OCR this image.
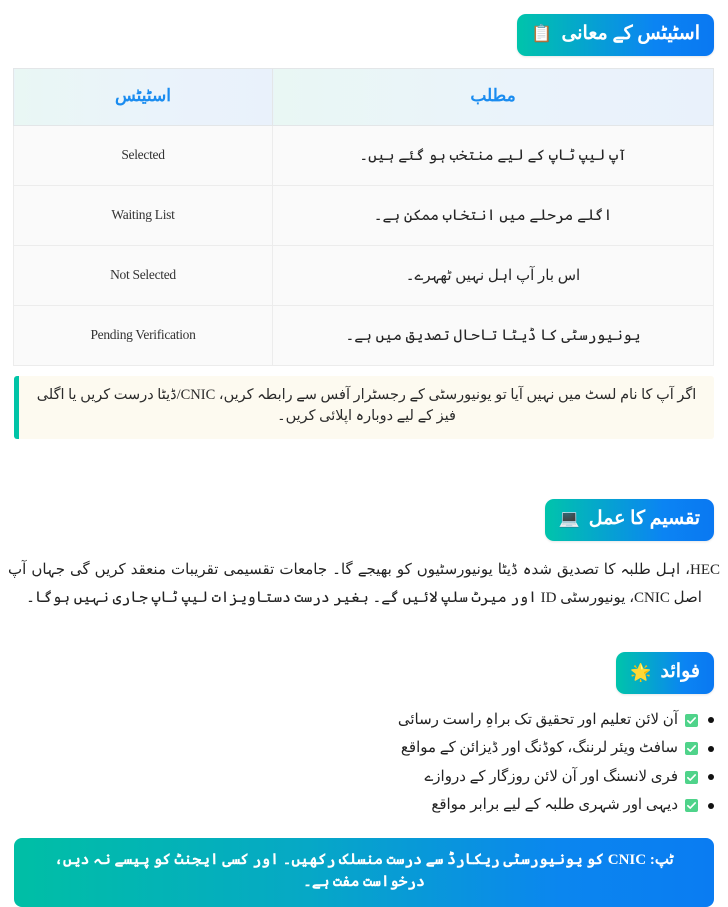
اسٹیٹس کے معانی
📋
مطلب	اسٹیٹس
آپ لیپ ٹاپ کے لیے منتخب ہو گئے ہیں۔	Selected
اگلے مرحلے میں انتخاب ممکن ہے۔	Waiting List
اس بار آپ اہل نہیں ٹھہرے۔	Not Selected
یونیورسٹی کا ڈیٹا تاحال تصدیق میں ہے۔	Pending Verification
اگر آپ کا نام لسٹ میں نہیں آیا تو یونیورسٹی کے رجسٹرار آفس سے رابطہ کریں، CNIC/ڈیٹا درست کریں یا اگلی فیز کے لیے دوبارہ اپلائی کریں۔
تقسیم کا عمل
💻

HEC، اہل طلبہ کا تصدیق شدہ ڈیٹا یونیورسٹیوں کو بھیجے گا۔ جامعات تقسیمی تقریبات منعقد کریں گی جہاں آپ اصل CNIC، یونیورسٹی ID اور میرٹ سلپ لائیں گے۔ بغیر درست دستاویزات لیپ ٹاپ جاری نہیں ہوگا۔

فوائد
🌟
آن لائن تعلیم اور تحقیق تک براہِ راست رسائی
سافٹ ویئر لرننگ، کوڈنگ اور ڈیزائن کے مواقع
فری لانسنگ اور آن لائن روزگار کے دروازے
دیہی اور شہری طلبہ کے لیے برابر مواقع
ٹپ: CNIC کو یونیورسٹی ریکارڈ سے درست منسلک رکھیں۔ اور کسی ایجنٹ کو پیسے نہ دیں، درخواست مفت ہے۔
